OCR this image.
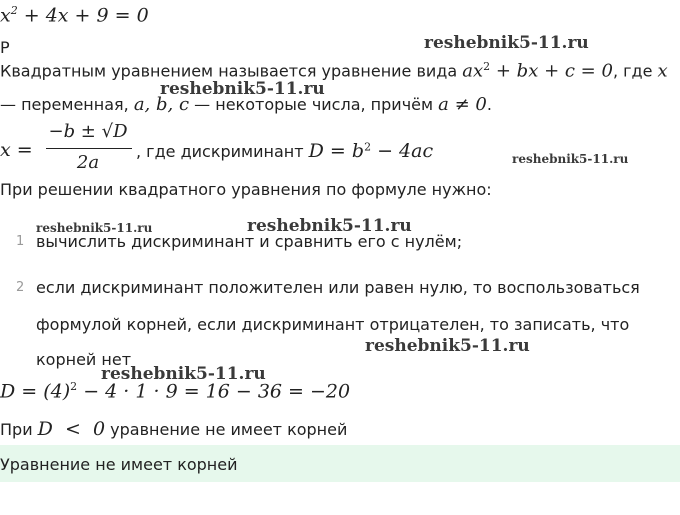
$x^2 + 4x + 9 = 0$
Р	reshebnik5-11.ru
reshebnik5-11.ru
reshebnik5-11.ru
reshebnik5-11.ru	reshebnik5-11.ru
reshebnik5-11.ru
reshebnik5-11.ru
Квадратным уравнением называется уравнение вида $ax^2$ + bx + c = 0, где x
— переменная, a, b, c — некоторые числа, причём a ≠ 0.
x =
−b ± √D
2a
, где дискриминант $D = b^2 - 4ac$
При решении квадратного уравнения по формуле нужно:
1 вычислить дискриминант и сравнить его с нулём;
2 если дискриминант положителен или равен нулю, то воспользоваться
формулой корней, если дискриминант отрицателен, то записать, что
корней нет
$D = (4)^2 - 4 \cdot 1 \cdot 9 = 16 - 36 = -20$
При D  <  0 уравнение не имеет корней
Уравнение не имеет корней
